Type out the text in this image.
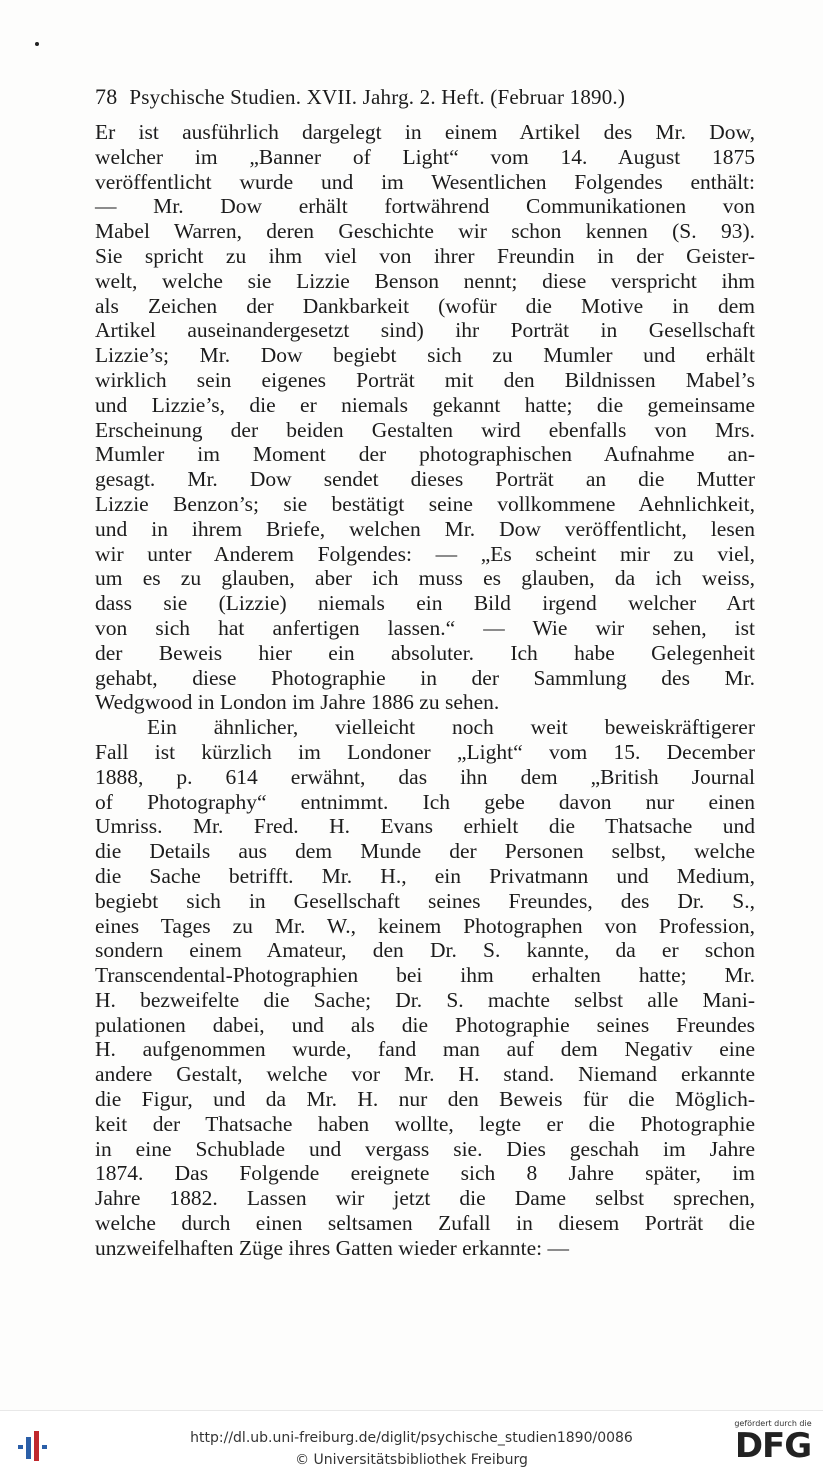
78 Psychische Studien. XVII. Jahrg. 2. Heft. (Februar 1890.)
Er ist ausführlich dargelegt in einem Artikel des Mr. Dow,
welcher im „Banner of Light“ vom 14. August 1875
veröffentlicht wurde und im Wesentlichen Folgendes enthält:
— Mr. Dow erhält fortwährend Communikationen von
Mabel Warren, deren Geschichte wir schon kennen (S. 93).
Sie spricht zu ihm viel von ihrer Freundin in der Geister-
welt, welche sie Lizzie Benson nennt; diese verspricht ihm
als Zeichen der Dankbarkeit (wofür die Motive in dem
Artikel auseinandergesetzt sind) ihr Porträt in Gesellschaft
Lizzie’s; Mr. Dow begiebt sich zu Mumler und erhält
wirklich sein eigenes Porträt mit den Bildnissen Mabel’s
und Lizzie’s, die er niemals gekannt hatte; die gemeinsame
Erscheinung der beiden Gestalten wird ebenfalls von Mrs.
Mumler im Moment der photographischen Aufnahme an-
gesagt. Mr. Dow sendet dieses Porträt an die Mutter
Lizzie Benzon’s; sie bestätigt seine vollkommene Aehnlichkeit,
und in ihrem Briefe, welchen Mr. Dow veröffentlicht, lesen
wir unter Anderem Folgendes: — „Es scheint mir zu viel,
um es zu glauben, aber ich muss es glauben, da ich weiss,
dass sie (Lizzie) niemals ein Bild irgend welcher Art
von sich hat anfertigen lassen.“ — Wie wir sehen, ist
der Beweis hier ein absoluter. Ich habe Gelegenheit
gehabt, diese Photographie in der Sammlung des Mr.
Wedgwood in London im Jahre 1886 zu sehen.
Ein ähnlicher, vielleicht noch weit beweiskräftigerer
Fall ist kürzlich im Londoner „Light“ vom 15. December
1888, p. 614 erwähnt, das ihn dem „British Journal
of Photography“ entnimmt. Ich gebe davon nur einen
Umriss. Mr. Fred. H. Evans erhielt die Thatsache und
die Details aus dem Munde der Personen selbst, welche
die Sache betrifft. Mr. H., ein Privatmann und Medium,
begiebt sich in Gesellschaft seines Freundes, des Dr. S.,
eines Tages zu Mr. W., keinem Photographen von Profession,
sondern einem Amateur, den Dr. S. kannte, da er schon
Transcendental-Photographien bei ihm erhalten hatte; Mr.
H. bezweifelte die Sache; Dr. S. machte selbst alle Mani-
pulationen dabei, und als die Photographie seines Freundes
H. aufgenommen wurde, fand man auf dem Negativ eine
andere Gestalt, welche vor Mr. H. stand. Niemand erkannte
die Figur, und da Mr. H. nur den Beweis für die Möglich-
keit der Thatsache haben wollte, legte er die Photographie
in eine Schublade und vergass sie. Dies geschah im Jahre
1874. Das Folgende ereignete sich 8 Jahre später, im
Jahre 1882. Lassen wir jetzt die Dame selbst sprechen,
welche durch einen seltsamen Zufall in diesem Porträt die
unzweifelhaften Züge ihres Gatten wieder erkannte: —
http://dl.ub.uni-freiburg.de/diglit/psychische_studien1890/0086
© Universitätsbibliothek Freiburg
gefördert durch die
DFG
